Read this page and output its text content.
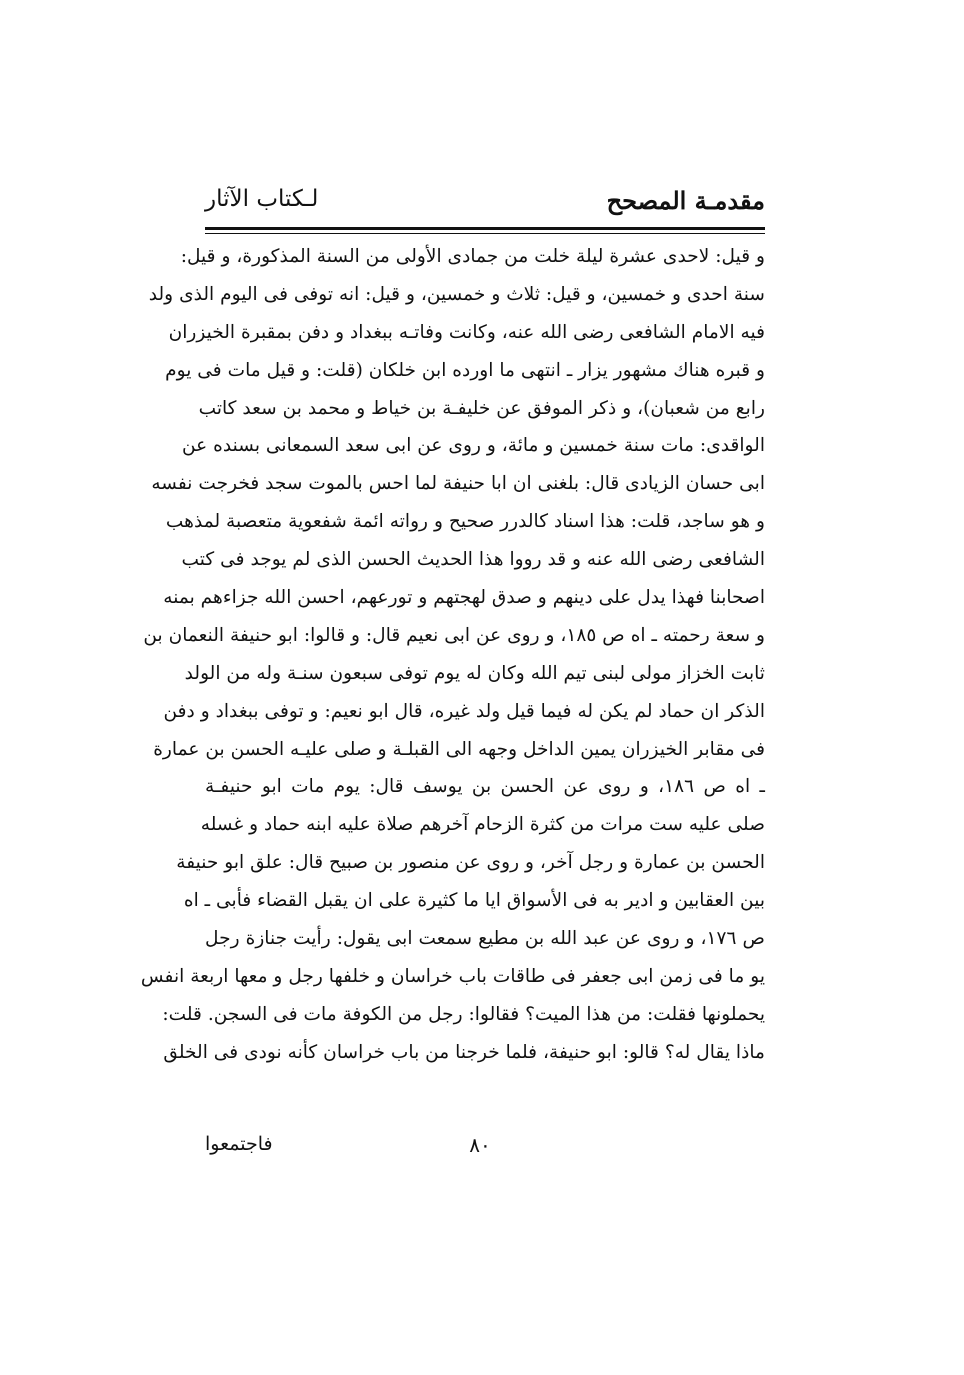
مقدمـة المصحح
لـكتاب الآثار
و قيل: لاحدى عشرة ليلة خلت من جمادى الأولى من السنة المذكورة، و قيل:
سنة احدى و خمسين، و قيل: ثلاث و خمسين، و قيل: انه توفى فى اليوم الذى ولد
فيه الامام الشافعى رضى الله عنه، وكانت وفاتـه ببغداد و دفن بمقبرة الخيزران
و قبره هناك مشهور يزار ـ انتهى ما اورده ابن خلكان (قلت: و قيل مات فى يوم
رابع من شعبان)، و ذكر الموفق عن خليفـة بن خياط و محمد بن سعد كاتب
الواقدى: مات سنة خمسين و مائة، و روى عن ابى سعد السمعانى بسنده عن
ابى حسان الزيادى قال: بلغنى ان ابا حنيفة لما احس بالموت سجد فخرجت نفسه
و هو ساجد، قلت: هذا اسناد كالدرر صحيح و رواته ائمة شفعوية متعصبة لمذهب
الشافعى رضى الله عنه و قد رووا هذا الحديث الحسن الذى لم يوجد فى كتب
اصحابنا فهذا يدل على دينهم و صدق لهجتهم و تورعهم، احسن الله جزاءهم بمنه
و سعة رحمته ـ اه ص ١٨٥، و روى عن ابى نعيم قال: و قالوا: ابو حنيفة النعمان بن
ثابت الخزاز مولى لبنى تيم الله وكان له يوم توفى سبعون سنـة وله من الولد
الذكر ان حماد لم يكن له فيما قيل ولد غيره، قال ابو نعيم: و توفى ببغداد و دفن
فى مقابر الخيزران يمين الداخل وجهه الى القبلـة و صلى عليـه الحسن بن عمارة
ـ اه ص ١٨٦، و روى عن الحسن بن يوسف قال: يوم مات ابو حنيفـة
صلى عليه ست مرات من كثرة الزحام آخرهم صلاة عليه ابنه حماد و غسله
الحسن بن عمارة و رجل آخر، و روى عن منصور بن صبيح قال: علق ابو حنيفة
بين العقابين و ادير به فى الأسواق ايا ما كثيرة على ان يقبل القضاء فأبى ـ اه
ص ١٧٦، و روى عن عبد الله بن مطيع سمعت ابى يقول: رأيت جنازة رجل
يو ما فى زمن ابى جعفر فى طاقات باب خراسان و خلفها رجل و معها اربعة انفس
يحملونها فقلت: من هذا الميت؟ فقالوا: رجل من الكوفة مات فى السجن. قلت:
ماذا يقال له؟ قالو: ابو حنيفة، فلما خرجنا من باب خراسان كأنه نودى فى الخلق
٨٠
فاجتمعوا
